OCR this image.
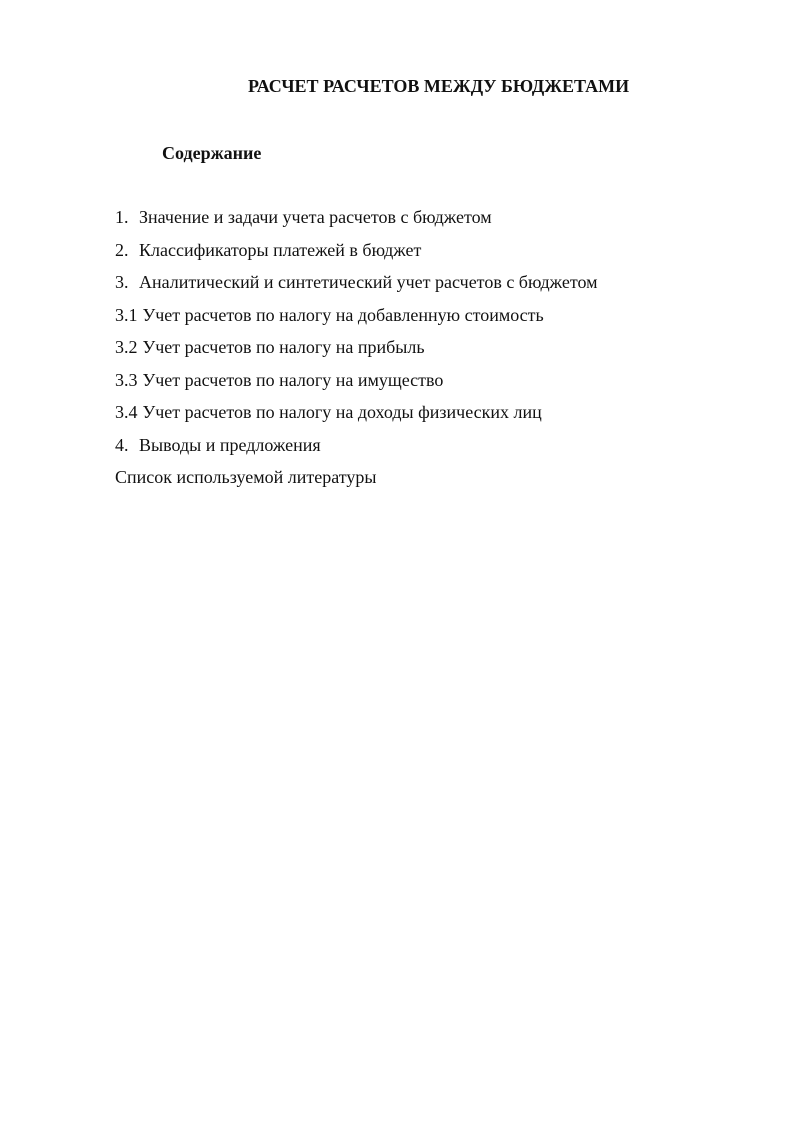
РАСЧЕТ РАСЧЕТОВ МЕЖДУ БЮДЖЕТАМИ
Содержание
1. Значение и задачи учета расчетов с бюджетом
2. Классификаторы платежей в бюджет
3. Аналитический и синтетический учет расчетов с бюджетом
3.1 Учет расчетов по налогу на добавленную стоимость
3.2 Учет расчетов по налогу на прибыль
3.3 Учет расчетов по налогу на имущество
3.4 Учет расчетов по налогу на доходы физических лиц
4. Выводы и предложения
Список используемой литературы
